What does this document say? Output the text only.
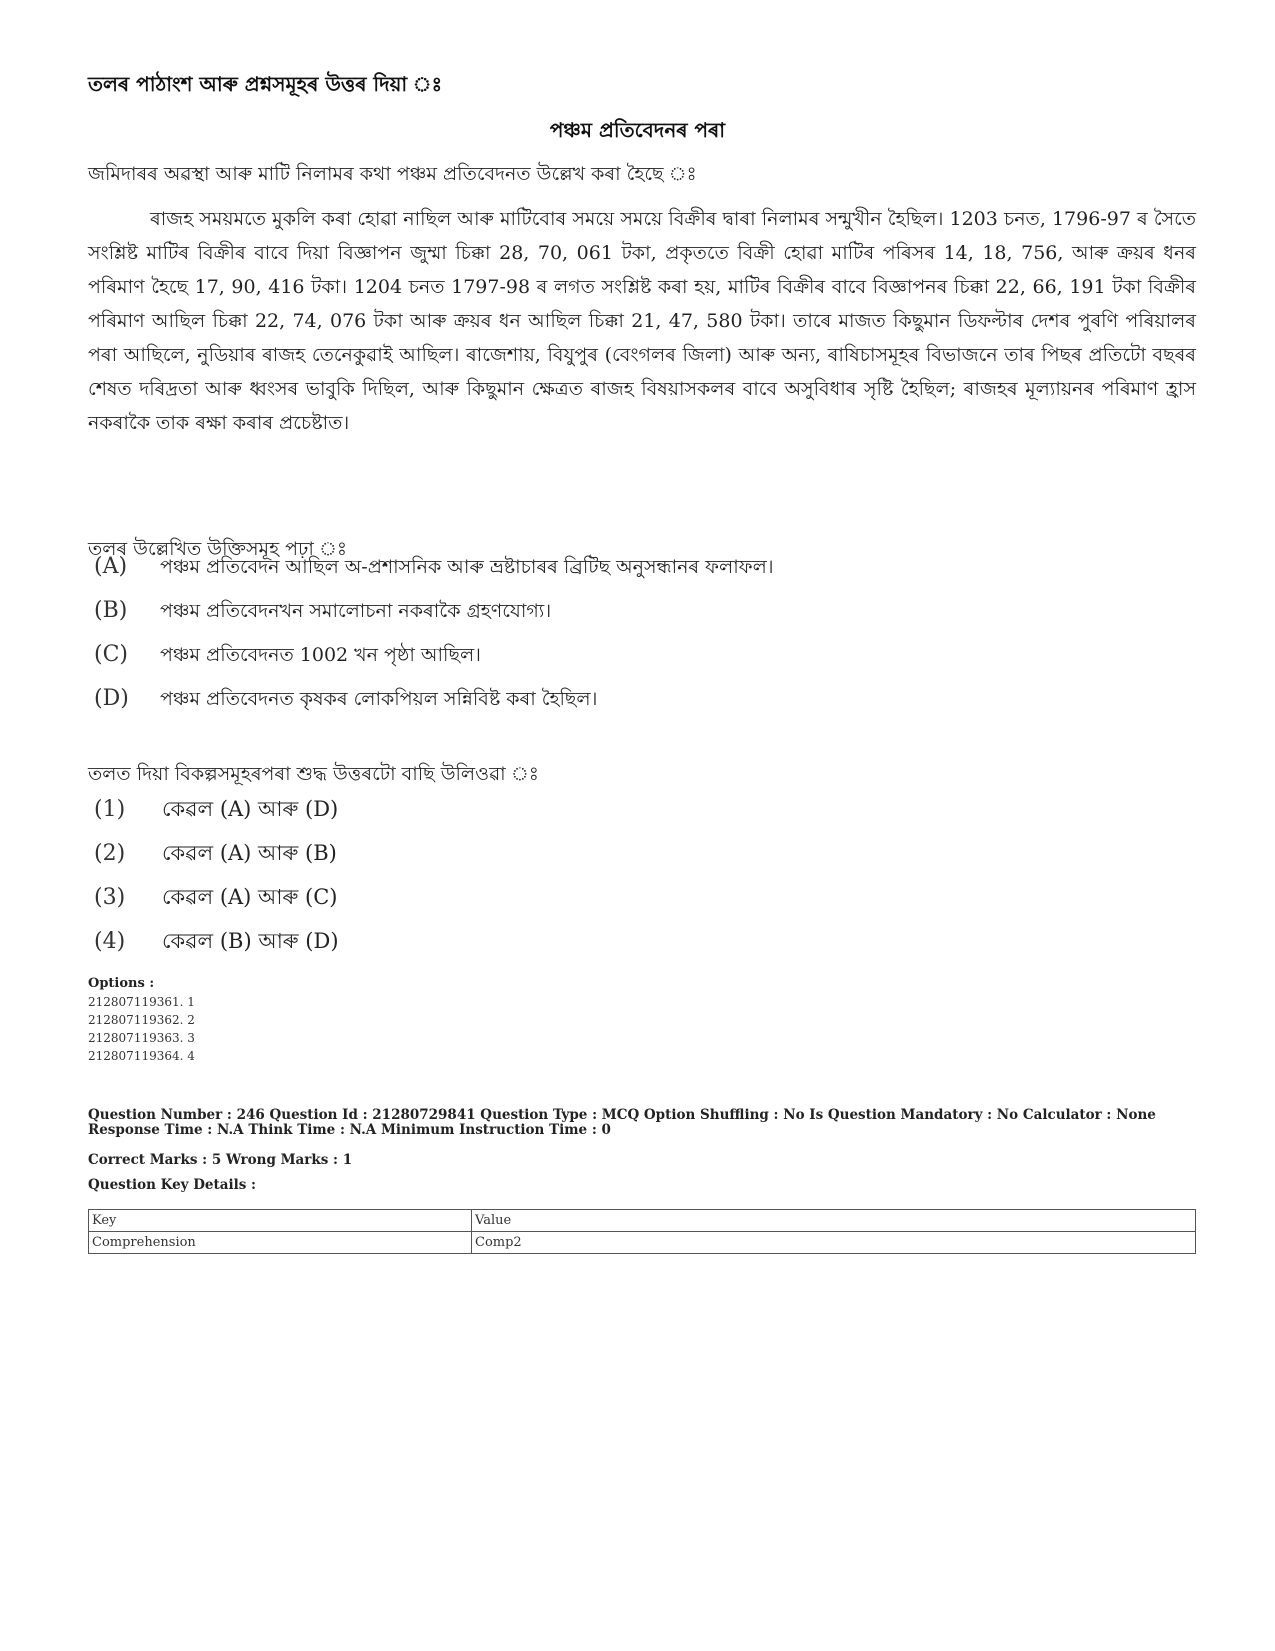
তলৰ পাঠাংশ আৰু প্ৰশ্নসমূহৰ উত্তৰ দিয়া ঃ
পঞ্চম প্ৰতিবেদনৰ পৰা
জমিদাৰৰ অৱস্থা আৰু মাটি নিলামৰ কথা পঞ্চম প্ৰতিবেদনত উল্লেখ কৰা হৈছে ঃ

ৰাজহ সময়মতে মুকলি কৰা হোৱা নাছিল আৰু মাটিবোৰ সময়ে সময়ে বিক্ৰীৰ দ্বাৰা নিলামৰ সন্মুখীন হৈছিল। 1203 চনত, 1796-97 ৰ সৈতে সংশ্লিষ্ট মাটিৰ বিক্ৰীৰ বাবে দিয়া বিজ্ঞাপন জুম্মা চিক্কা 28, 70, 061 টকা, প্ৰকৃততে বিক্ৰী হোৱা মাটিৰ পৰিসৰ 14, 18, 756, আৰু ক্ৰয়ৰ ধনৰ পৰিমাণ হৈছে 17, 90, 416 টকা। 1204 চনত 1797-98 ৰ লগত সংশ্লিষ্ট কৰা হয়, মাটিৰ বিক্ৰীৰ বাবে বিজ্ঞাপনৰ চিক্কা 22, 66, 191 টকা বিক্ৰীৰ পৰিমাণ আছিল চিক্কা 22, 74, 076 টকা আৰু ক্ৰয়ৰ ধন আছিল চিক্কা 21, 47, 580 টকা। তাৰে মাজত কিছুমান ডিফল্টাৰ দেশৰ পুৰণি পৰিয়ালৰ পৰা আছিলে, নুডিয়াৰ ৰাজহ তেনেকুৱাই আছিল। ৰাজেশায়, বিযুপুৰ (বেংগলৰ জিলা) আৰু অন্য, ৰাষিচাসমূহৰ বিভাজনে তাৰ পিছৰ প্ৰতিটো বছৰৰ শেষত দৰিদ্ৰতা আৰু ধ্বংসৰ ভাবুকি দিছিল, আৰু কিছুমান ক্ষেত্ৰত ৰাজহ বিষয়াসকলৰ বাবে অসুবিধাৰ সৃষ্টি হৈছিল; ৰাজহৰ মূল্যায়নৰ পৰিমাণ হ্ৰাস নকৰাকৈ তাক ৰক্ষা কৰাৰ প্ৰচেষ্টাত।

তলৰ উল্লেখিত উক্তিসমূহ পঢ়া ঃ
(A)	পঞ্চম প্ৰতিবেদন আছিল অ-প্ৰশাসনিক আৰু ভ্ৰষ্টাচাৰৰ ব্ৰিটিছ অনুসন্ধানৰ ফলাফল।
(B)	পঞ্চম প্ৰতিবেদনখন সমালোচনা নকৰাকৈ গ্ৰহণযোগ্য।
(C)	পঞ্চম প্ৰতিবেদনত 1002 খন পৃষ্ঠা আছিল।
(D)	পঞ্চম প্ৰতিবেদনত কৃষকৰ লোকপিয়ল সন্নিবিষ্ট কৰা হৈছিল।
তলত দিয়া বিকল্পসমূহৰপৰা শুদ্ধ উত্তৰটো বাছি উলিওৱা ঃ
(1)	কেৱল (A) আৰু (D)
(2)	কেৱল (A) আৰু (B)
(3)	কেৱল (A) আৰু (C)
(4)	কেৱল (B) আৰু (D)
Options :
212807119361. 1
212807119362. 2
212807119363. 3
212807119364. 4
Question Number : 246 Question Id : 21280729841 Question Type : MCQ Option Shuffling : No Is Question Mandatory : No Calculator : None
Response Time : N.A Think Time : N.A Minimum Instruction Time : 0
Correct Marks : 5 Wrong Marks : 1
Question Key Details :
Key	Value
Comprehension	Comp2
